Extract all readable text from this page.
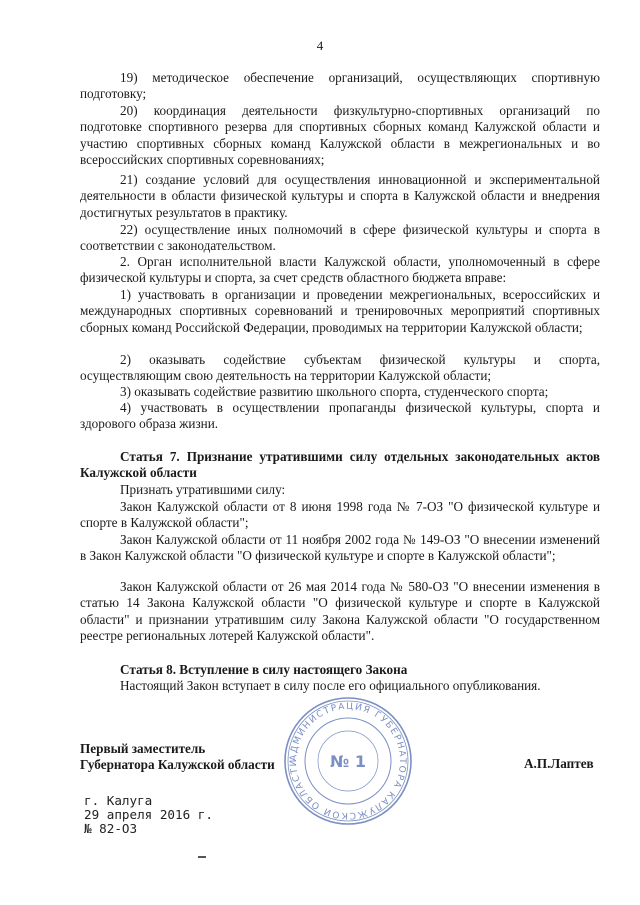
4

19) методическое обеспечение организаций, осуществляющих спортивную подготовку;

20) координация деятельности физкультурно-спортивных организаций по подготовке спортивного резерва для спортивных сборных команд Калужской области и участию спортивных сборных команд Калужской области в межрегиональных и во всероссийских спортивных соревнованиях;

21) создание условий для осуществления инновационной и экспериментальной деятельности в области физической культуры и спорта в Калужской области и внедрения достигнутых результатов в практику.

22) осуществление иных полномочий в сфере физической культуры и спорта в соответствии с законодательством.

2. Орган исполнительной власти Калужской области, уполномоченный в сфере физической культуры и спорта, за счет средств областного бюджета вправе:

1) участвовать в организации и проведении межрегиональных, всероссийских и международных спортивных соревнований и тренировочных мероприятий спортивных сборных команд Российской Федерации, проводимых на территории Калужской области;

2) оказывать содействие субъектам физической культуры и спорта, осуществляющим свою деятельность на территории Калужской области;

3) оказывать содействие развитию школьного спорта, студенческого спорта;

4) участвовать в осуществлении пропаганды физической культуры, спорта и здорового образа жизни.

Статья 7. Признание утратившими силу отдельных законодательных актов Калужской области

Признать утратившими силу:

Закон Калужской области от 8 июня 1998 года № 7-ОЗ "О физической культуре и спорте в Калужской области";

Закон Калужской области от 11 ноября 2002 года № 149-ОЗ "О внесении изменений в Закон Калужской области "О физической культуре и спорте в Калужской области";

Закон Калужской области от 26 мая 2014 года № 580-ОЗ "О внесении изменения в статью 14 Закона Калужской области "О физической культуре и спорте в Калужской области" и признании утратившим силу Закона Калужской области "О государственном реестре региональных лотерей Калужской области".

Статья 8. Вступление в силу настоящего Закона

Настоящий Закон вступает в силу после его официального опубликования.

АДМИНИСТРАЦИЯ ГУБЕРНАТОРА КАЛУЖСКОЙ ОБЛАСТИ	№ 1
Первый заместитель
Губернатора Калужской области	А.П.Лаптев
г. Калуга
29 апреля 2016 г.
№ 82-ОЗ
